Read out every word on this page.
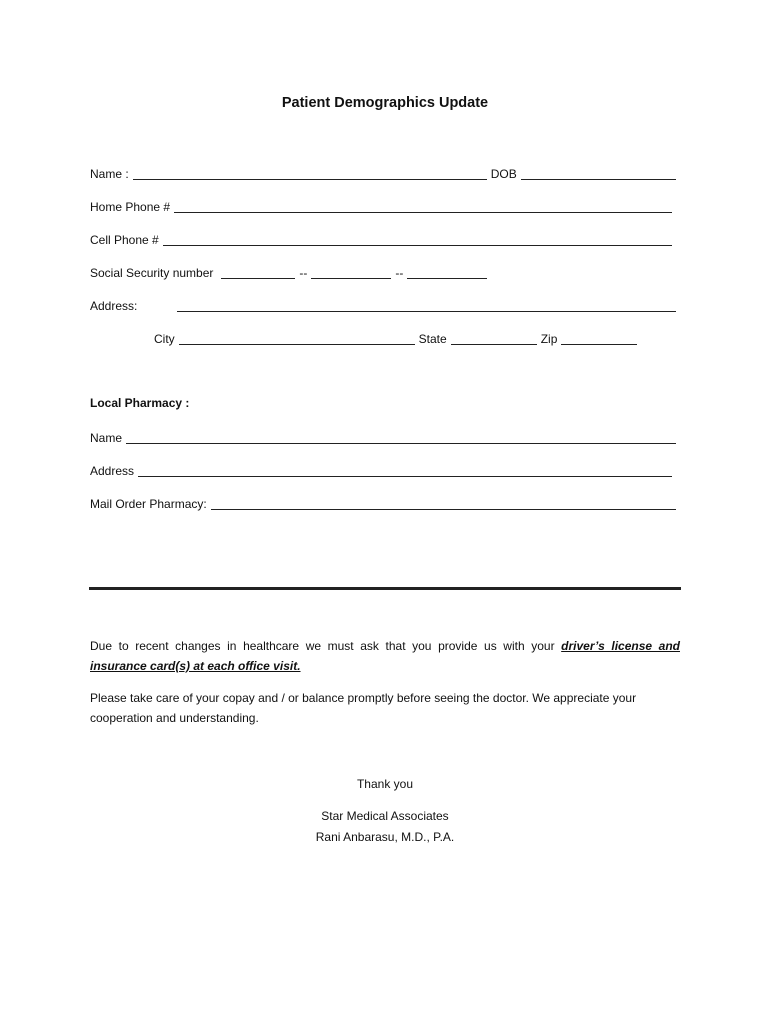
Patient Demographics Update
Name :	DOB
Home Phone #
Cell Phone #
Social Security number	--	--
Address:
City	State	Zip
Local Pharmacy :
Name
Address
Mail Order Pharmacy:
Due to recent changes in healthcare we must ask that you provide us with your driver’s license and insurance card(s) at each office visit.
Please take care of your copay and / or balance promptly before seeing the doctor. We appreciate your cooperation and understanding.
Thank you
Star Medical Associates
Rani Anbarasu, M.D., P.A.
